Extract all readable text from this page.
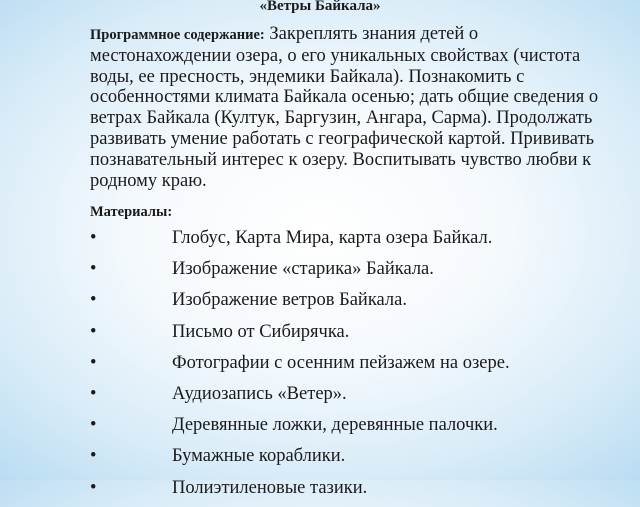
«Ветры Байкала»
Программное содержание: Закреплять знания детей о местонахождении озера, о его уникальных свойствах (чистота воды, ее пресность, эндемики Байкала). Познакомить с особенностями климата Байкала осенью; дать общие сведения о ветрах Байкала (Култук, Баргузин, Ангара, Сарма). Продолжать развивать умение работать с географической картой. Прививать познавательный интерес к озеру. Воспитывать чувство любви к родному краю.
Материалы:
•	Глобус, Карта Мира, карта озера Байкал.
•	Изображение «старика» Байкала.
•	Изображение ветров Байкала.
•	Письмо от Сибирячка.
•	Фотографии с осенним пейзажем на озере.
•	Аудиозапись «Ветер».
•	Деревянные ложки, деревянные палочки.
•	Бумажные кораблики.
•	Полиэтиленовые тазики.
